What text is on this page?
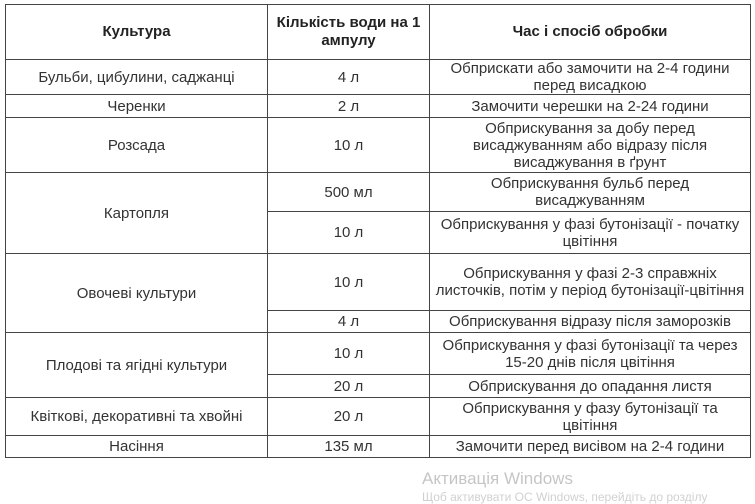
Культура	Кількість води на 1 ампулу	Час і спосіб обробки
Бульби, цибулини, саджанці	4 л	Обприскати або замочити на 2-4 години перед висадкою
Черенки	2 л	Замочити черешки на 2-24 години
Розсада	10 л	Обприскування за добу перед висаджуванням або відразу після висаджування в ґрунт
Картопля	500 мл	Обприскування бульб перед висаджуванням
	10 л	Обприскування у фазі бутонізації - початку цвітіння
Овочеві культури	10 л	Обприскування у фазі 2-3 справжніх листочків, потім у період бутонізації-цвітіння
	4 л	Обприскування відразу після заморозків
Плодові та ягідні культури	10 л	Обприскування у фазі бутонізації та через 15-20 днів після цвітіння
	20 л	Обприскування до опадання листя
Квіткові, декоративні та хвойні	20 л	Обприскування у фазу бутонізації та цвітіння
Насіння	135 мл	Замочити перед висівом на 2-4 години
Активація Windows
Щоб активувати ОС Windows, перейдіть до розділу
